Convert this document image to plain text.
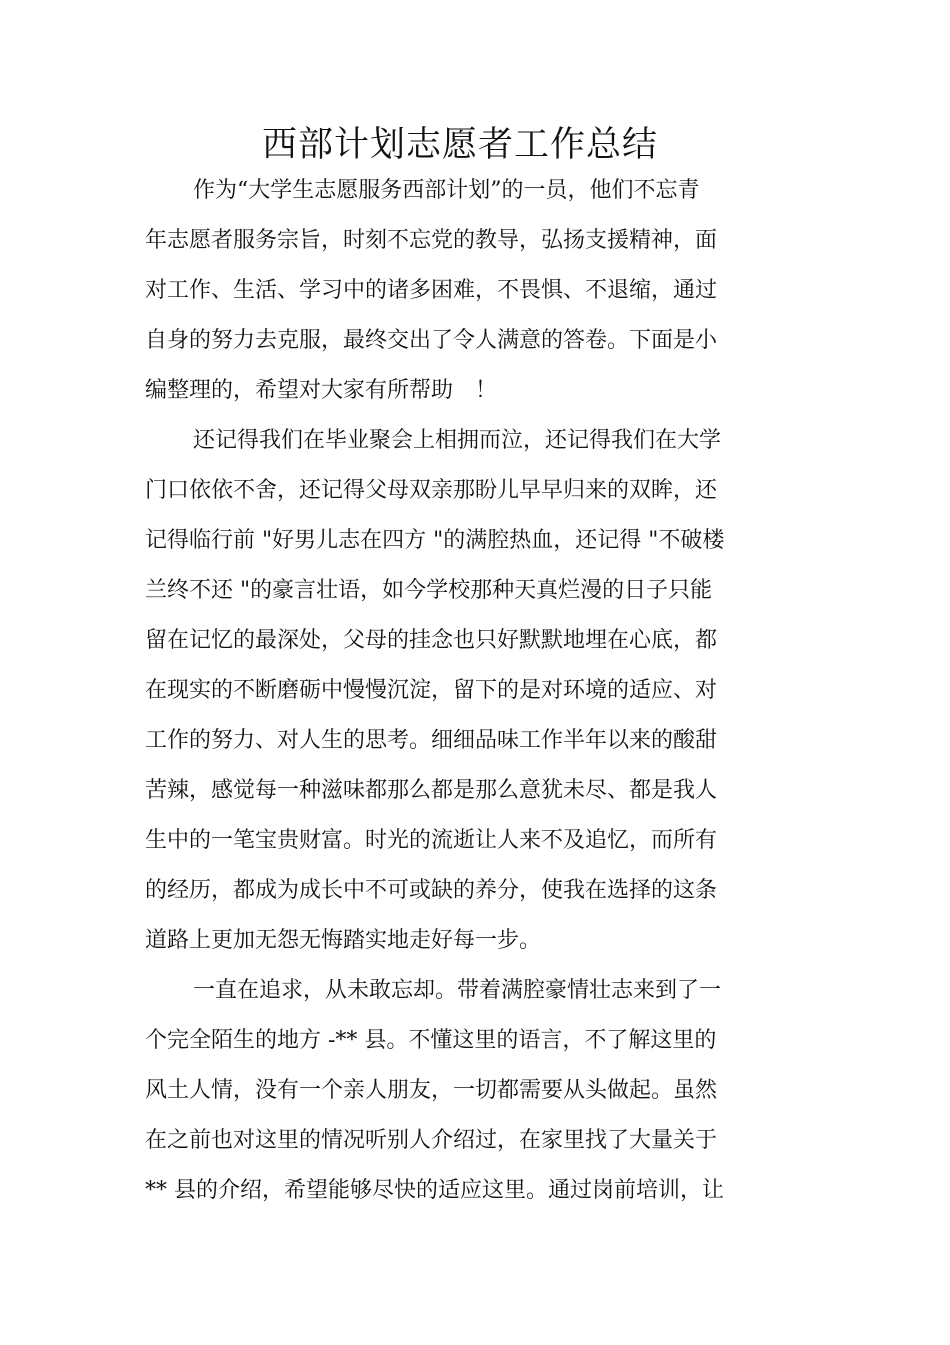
西部计划志愿者工作总结
作为“大学生志愿服务西部计划”的一员，他们不忘青
年志愿者服务宗旨，时刻不忘党的教导，弘扬支援精神，面
对工作、生活、学习中的诸多困难，不畏惧、不退缩，通过
自身的努力去克服，最终交出了令人满意的答卷。下面是小
编整理的，希望对大家有所帮助　！
还记得我们在毕业聚会上相拥而泣，还记得我们在大学
门口依依不舍，还记得父母双亲那盼儿早早归来的双眸，还
记得临行前 "好男儿志在四方 "的满腔热血，还记得 "不破楼
兰终不还 "的豪言壮语，如今学校那种天真烂漫的日子只能
留在记忆的最深处，父母的挂念也只好默默地埋在心底，都
在现实的不断磨砺中慢慢沉淀，留下的是对环境的适应、对
工作的努力、对人生的思考。细细品味工作半年以来的酸甜
苦辣，感觉每一种滋味都那么都是那么意犹未尽、都是我人
生中的一笔宝贵财富。时光的流逝让人来不及追忆，而所有
的经历，都成为成长中不可或缺的养分，使我在选择的这条
道路上更加无怨无悔踏实地走好每一步。
一直在追求，从未敢忘却。带着满腔豪情壮志来到了一
个完全陌生的地方 -** 县。不懂这里的语言，不了解这里的
风土人情，没有一个亲人朋友，一切都需要从头做起。虽然
在之前也对这里的情况听别人介绍过，在家里找了大量关于
** 县的介绍，希望能够尽快的适应这里。通过岗前培训，让
